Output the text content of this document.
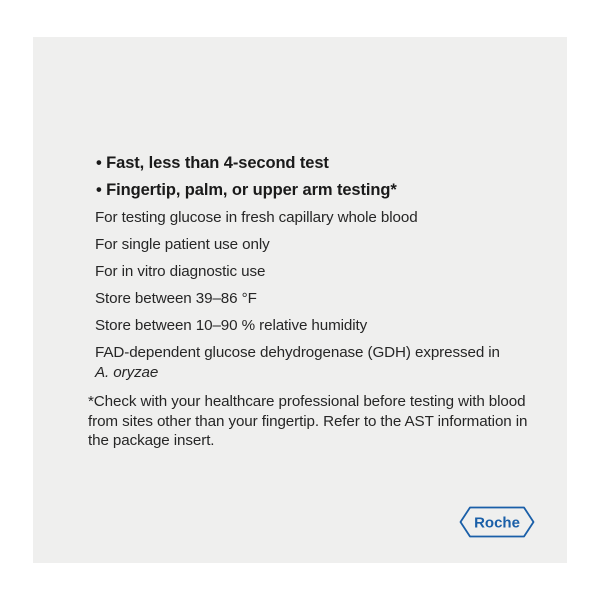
• Fast, less than 4-second test
• Fingertip, palm, or upper arm testing*
For testing glucose in fresh capillary whole blood
For single patient use only
For in vitro diagnostic use
Store between 39–86 °F
Store between 10–90 % relative humidity
FAD-dependent glucose dehydrogenase (GDH) expressed in
A. oryzae
*Check with your healthcare professional before testing with blood from sites other than your fingertip. Refer to the AST information in the package insert.
Roche
